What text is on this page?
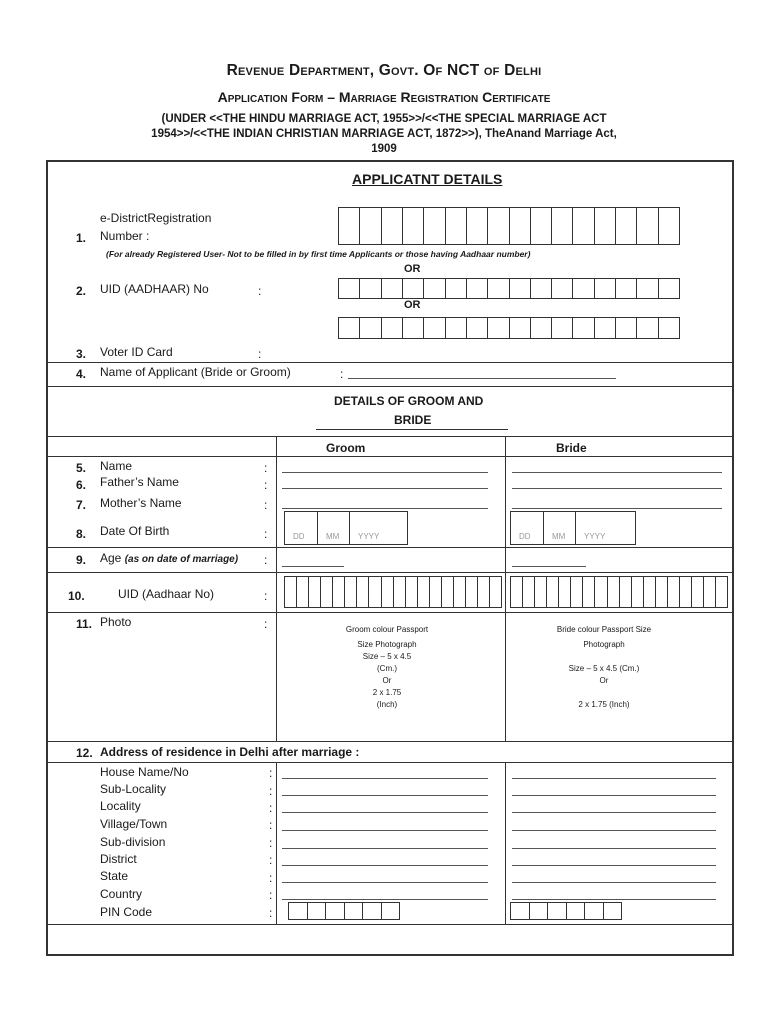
Revenue Department, Govt. Of NCT of Delhi
Application Form – Marriage Registration Certificate
(UNDER <<THE HINDU MARRIAGE ACT, 1955>>/<<THE SPECIAL MARRIAGE ACT
1954>>/<<THE INDIAN CHRISTIAN MARRIAGE ACT, 1872>>), TheAnand Marriage Act,
1909
APPLICATNT DETAILS
e-DistrictRegistration
1. Number :
(For already Registered User- Not to be filled in by first time Applicants or those having Aadhaar number)
OR
2. UID (AADHAAR) No	:
OR
3. Voter ID Card	:
4. Name of Applicant (Bride or Groom)	:
DETAILS OF GROOM AND
BRIDE
Groom	Bride
5. Name	:
6. Father’s Name	:
7. Mother’s Name	:
8. Date Of Birth	:	DD	MM	YYYY	DD	MM	YYYY
9. Age (as on date of marriage) :
10.	UID (Aadhaar No)	:
11. Photo	:	Groom colour Passport
Size Photograph
Size – 5 x 4.5
(Cm.)
Or
2 x 1.75
(Inch)
Bride colour Passport Size
Photograph
Size – 5 x 4.5 (Cm.)
Or
2 x 1.75 (Inch)
12. Address of residence in Delhi after marriage :
House Name/No	:
Sub-Locality	:
Locality	:
Village/Town	:
Sub-division	:
District	:
State	:
Country	:
PIN Code	:
